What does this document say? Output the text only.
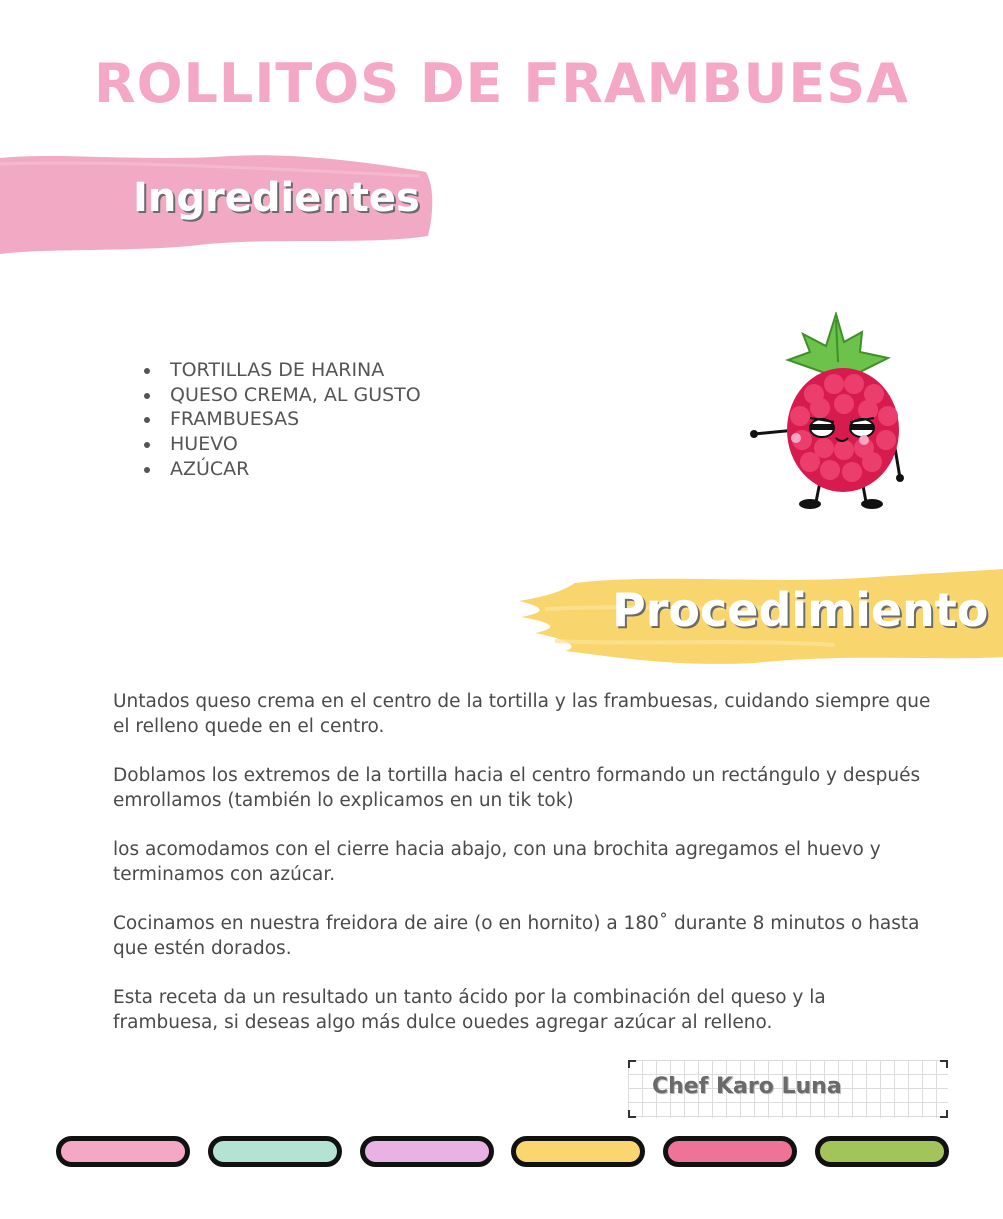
ROLLITOS DE FRAMBUESA
Ingredientes
TORTILLAS DE HARINA
QUESO CREMA, AL GUSTO
FRAMBUESAS
HUEVO
AZÚCAR
Procedimiento

Untados queso crema en el centro de la tortilla y las frambuesas, cuidando siempre que el relleno quede en el centro.

Doblamos los extremos de la tortilla hacia el centro formando un rectángulo y después emrollamos (también lo explicamos en un tik tok)

los acomodamos con el cierre hacia abajo, con una brochita agregamos el huevo y terminamos con azúcar.

Cocinamos en nuestra freidora de aire (o en hornito) a 180˚ durante 8 minutos o hasta que estén dorados.

Esta receta da un resultado un tanto ácido por la combinación del queso y la frambuesa, si deseas algo más dulce ouedes agregar azúcar al relleno.

Chef Karo Luna
